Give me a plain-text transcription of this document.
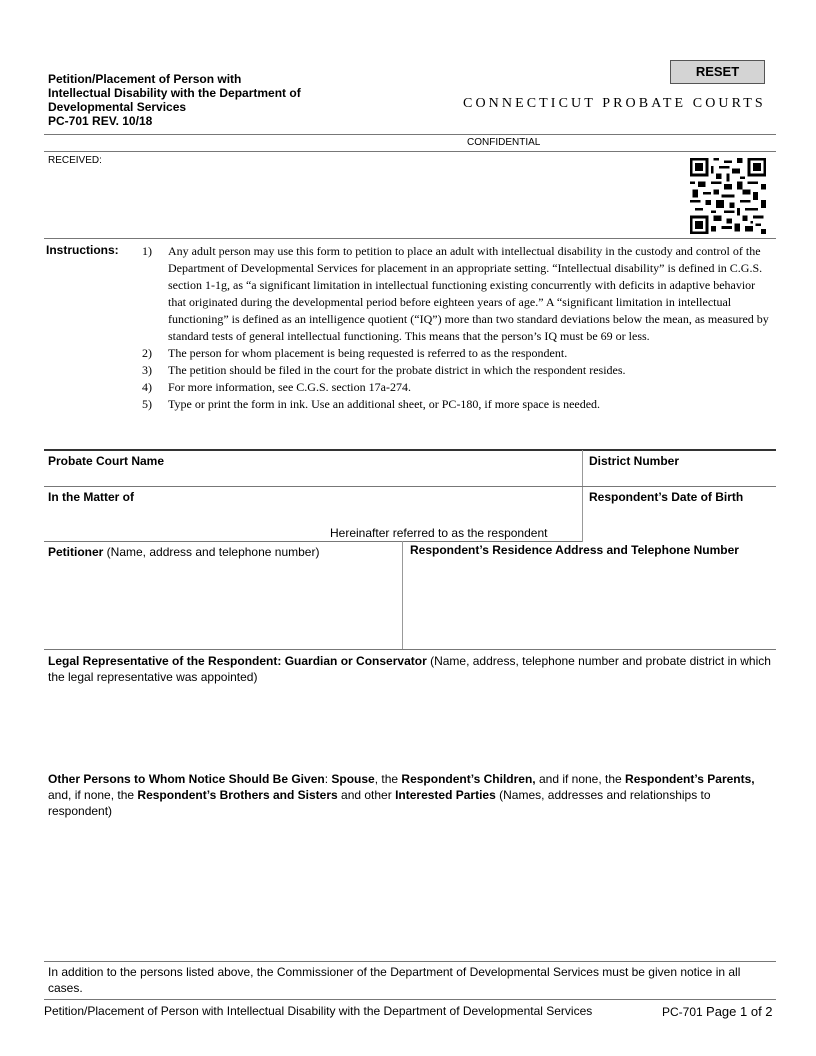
Petition/Placement of Person with
Intellectual Disability with the Department of
Developmental Services
PC-701 REV. 10/18
RESET
CONNECTICUT PROBATE COURTS
CONFIDENTIAL
RECEIVED:
Instructions: 1) Any adult person may use this form to petition to place an adult with intellectual disability in the custody and control of the Department of Developmental Services for placement in an appropriate setting. “Intellectual disability” is defined in C.G.S. section 1-1g, as “a significant limitation in intellectual functioning existing concurrently with deficits in adaptive behavior that originated during the developmental period before eighteen years of age.” A “significant limitation in intellectual functioning” is defined as an intelligence quotient (“IQ”) more than two standard deviations below the mean, as measured by standard tests of general intellectual functioning. This means that the person’s IQ must be 69 or less.
2) The person for whom placement is being requested is referred to as the respondent.
3) The petition should be filed in the court for the probate district in which the respondent resides.
4) For more information, see C.G.S. section 17a-274.
5) Type or print the form in ink. Use an additional sheet, or PC-180, if more space is needed.
Probate Court Name	District Number
In the Matter of	Respondent’s Date of Birth
Hereinafter referred to as the respondent
Petitioner (Name, address and telephone number)	Respondent’s Residence Address and Telephone Number
Legal Representative of the Respondent: Guardian or Conservator (Name, address, telephone number and probate district in which the legal representative was appointed)
Other Persons to Whom Notice Should Be Given: Spouse, the Respondent’s Children, and if none, the Respondent’s Parents, and, if none, the Respondent’s Brothers and Sisters and other Interested Parties (Names, addresses and relationships to respondent)
In addition to the persons listed above, the Commissioner of the Department of Developmental Services must be given notice in all cases.
Petition/Placement of Person with Intellectual Disability with the Department of Developmental Services	PC-701 Page 1 of 2
